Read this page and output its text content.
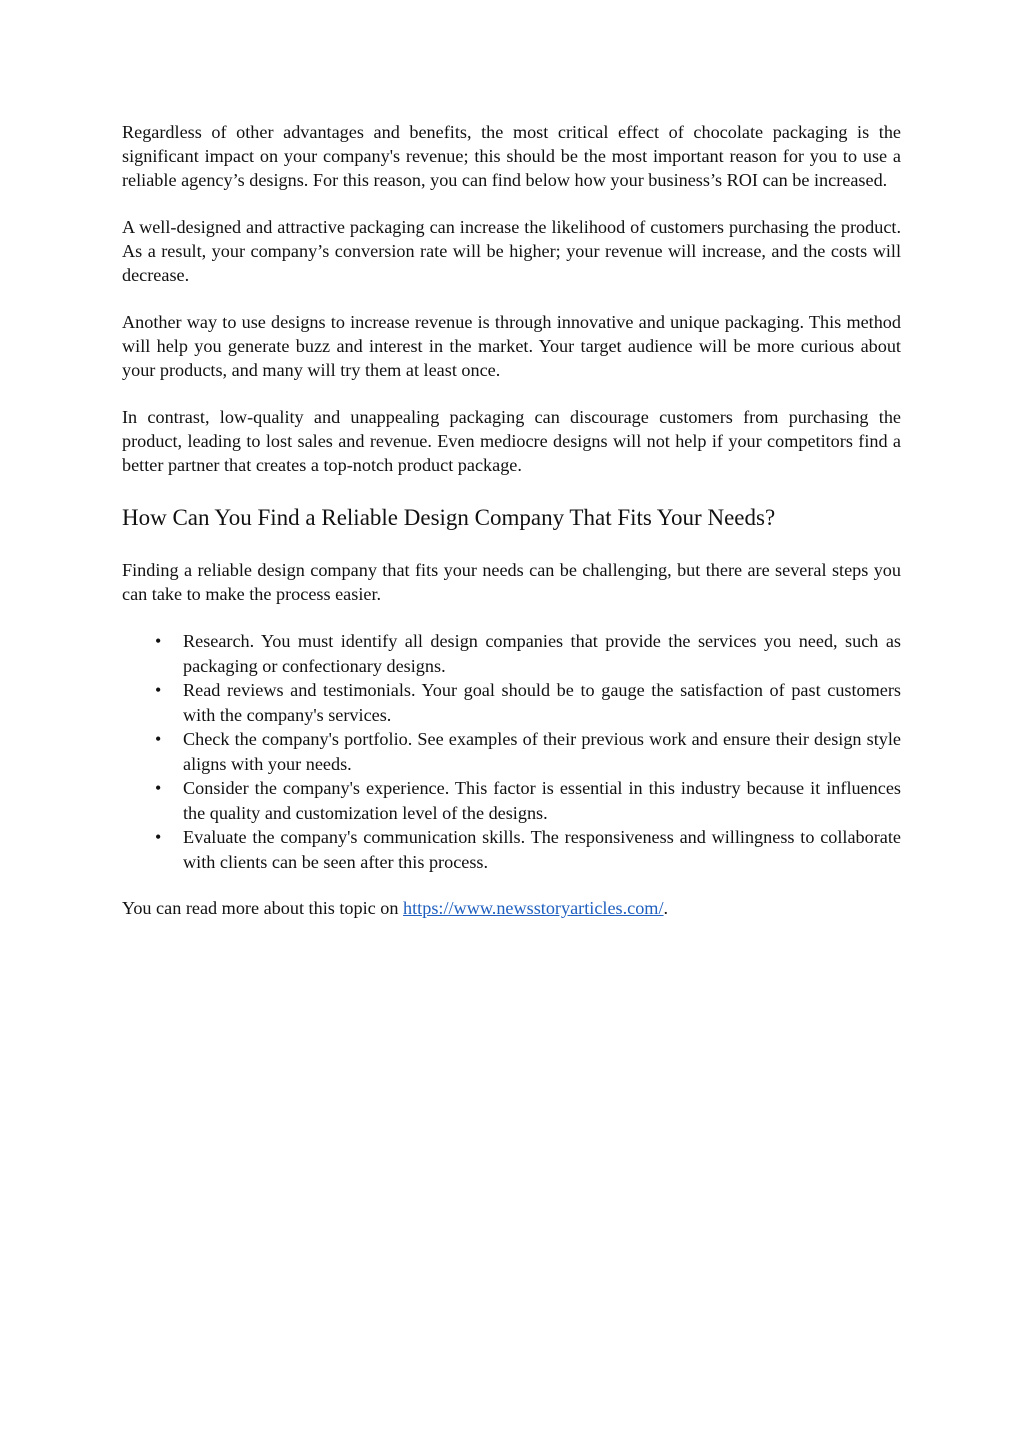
Regardless of other advantages and benefits, the most critical effect of chocolate packaging is the significant impact on your company's revenue; this should be the most important reason for you to use a reliable agency’s designs. For this reason, you can find below how your business’s ROI can be increased.

A well-designed and attractive packaging can increase the likelihood of customers purchasing the product. As a result, your company’s conversion rate will be higher; your revenue will increase, and the costs will decrease.

Another way to use designs to increase revenue is through innovative and unique packaging. This method will help you generate buzz and interest in the market. Your target audience will be more curious about your products, and many will try them at least once.

In contrast, low-quality and unappealing packaging can discourage customers from purchasing the product, leading to lost sales and revenue. Even mediocre designs will not help if your competitors find a better partner that creates a top-notch product package.

How Can You Find a Reliable Design Company That Fits Your Needs?

Finding a reliable design company that fits your needs can be challenging, but there are several steps you can take to make the process easier.

• Research. You must identify all design companies that provide the services you need, such as packaging or confectionary designs.
• Read reviews and testimonials. Your goal should be to gauge the satisfaction of past customers with the company's services.
• Check the company's portfolio. See examples of their previous work and ensure their design style aligns with your needs.
• Consider the company's experience. This factor is essential in this industry because it influences the quality and customization level of the designs.
• Evaluate the company's communication skills. The responsiveness and willingness to collaborate with clients can be seen after this process.

You can read more about this topic on https://www.newsstoryarticles.com/.
